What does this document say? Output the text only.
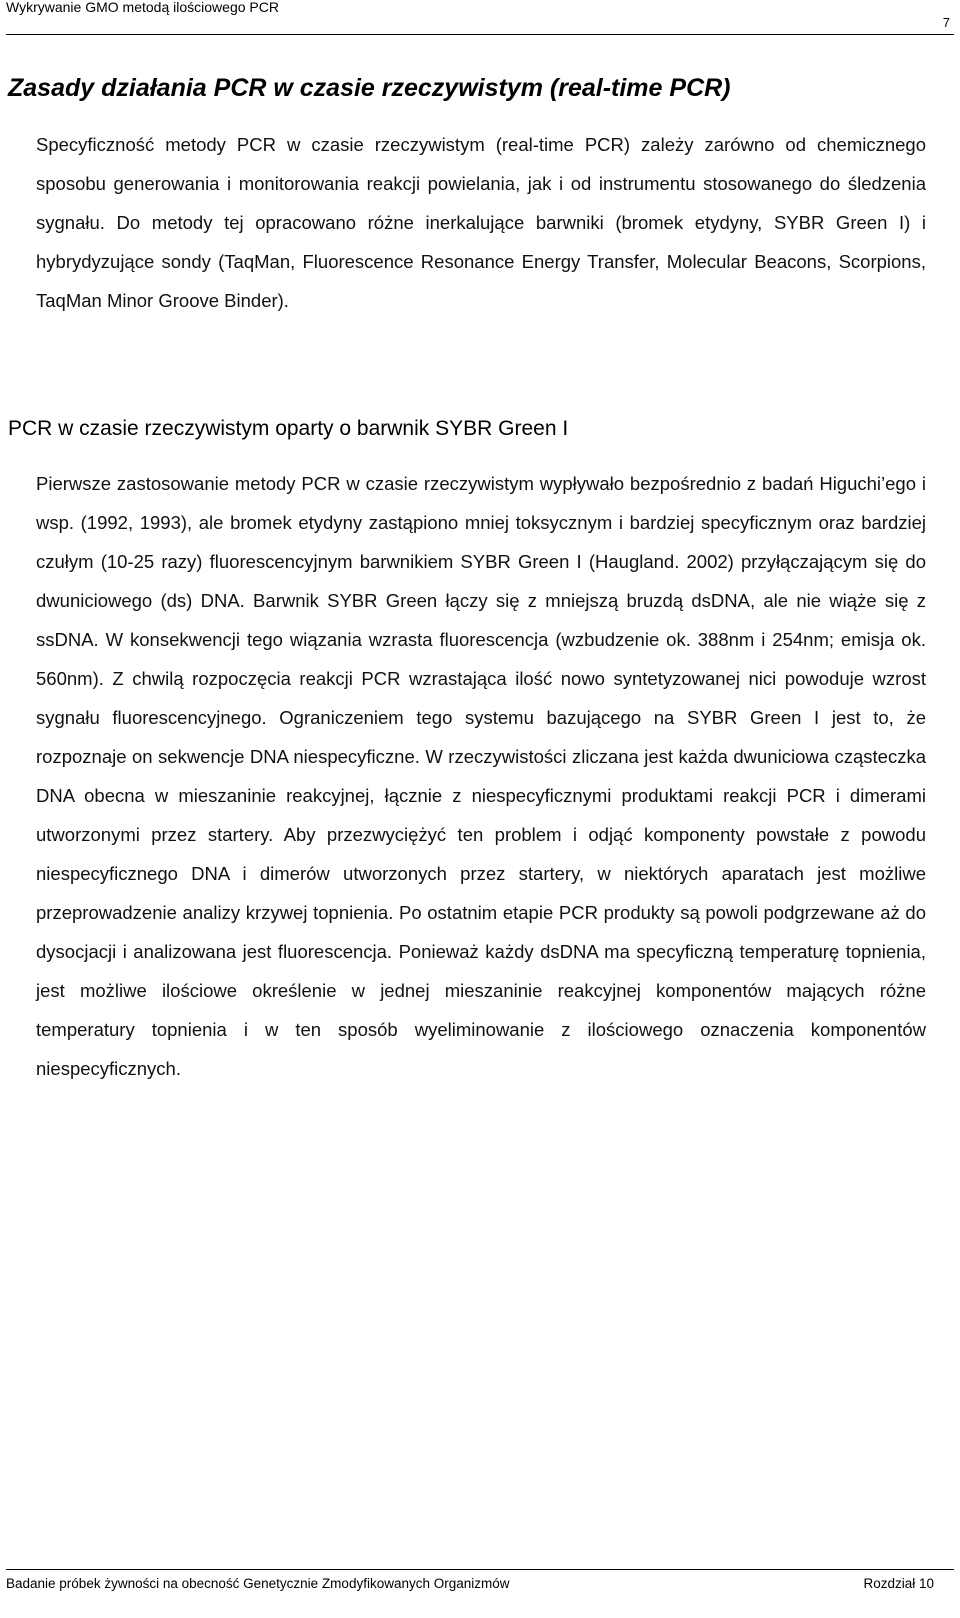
Wykrywanie GMO metodą ilościowego PCR
7
Zasady działania PCR w czasie rzeczywistym (real-time PCR)

Specyficzność metody PCR w czasie rzeczywistym (real-time PCR) zależy zarówno od chemicznego sposobu generowania i monitorowania reakcji powielania, jak i od instrumentu stosowanego do śledzenia sygnału. Do metody tej opracowano różne inerkalujące barwniki (bromek etydyny, SYBR Green I) i hybrydyzujące sondy (TaqMan, Fluorescence Resonance Energy Transfer, Molecular Beacons, Scorpions, TaqMan Minor Groove Binder).

PCR w czasie rzeczywistym oparty o barwnik SYBR Green I

Pierwsze zastosowanie metody PCR w czasie rzeczywistym wypływało bezpośrednio z badań Higuchi’ego i wsp. (1992, 1993), ale bromek etydyny zastąpiono mniej toksycznym i bardziej specyficznym oraz bardziej czułym (10-25 razy) fluorescencyjnym barwnikiem SYBR Green I (Haugland. 2002) przyłączającym się do dwuniciowego (ds) DNA. Barwnik SYBR Green łączy się z mniejszą bruzdą dsDNA, ale nie wiąże się z ssDNA. W konsekwencji tego wiązania wzrasta fluorescencja (wzbudzenie ok. 388nm i 254nm; emisja ok. 560nm). Z chwilą rozpoczęcia reakcji PCR wzrastająca ilość nowo syntetyzowanej nici powoduje wzrost sygnału fluorescencyjnego. Ograniczeniem tego systemu bazującego na SYBR Green I jest to, że rozpoznaje on sekwencje DNA niespecyficzne. W rzeczywistości zliczana jest każda dwuniciowa cząsteczka DNA obecna w mieszaninie reakcyjnej, łącznie z niespecyficznymi produktami reakcji PCR i dimerami utworzonymi przez startery. Aby przezwyciężyć ten problem i odjąć komponenty powstałe z powodu niespecyficznego DNA i dimerów utworzonych przez startery, w niektórych aparatach jest możliwe przeprowadzenie analizy krzywej topnienia. Po ostatnim etapie PCR produkty są powoli podgrzewane aż do dysocjacji i analizowana jest fluorescencja. Ponieważ każdy dsDNA ma specyficzną temperaturę topnienia, jest możliwe ilościowe określenie w jednej mieszaninie reakcyjnej komponentów mających różne temperatury topnienia i w ten sposób wyeliminowanie z ilościowego oznaczenia komponentów niespecyficznych.

Badanie próbek żywności na obecność Genetycznie Zmodyfikowanych Organizmów	Rozdział 10
